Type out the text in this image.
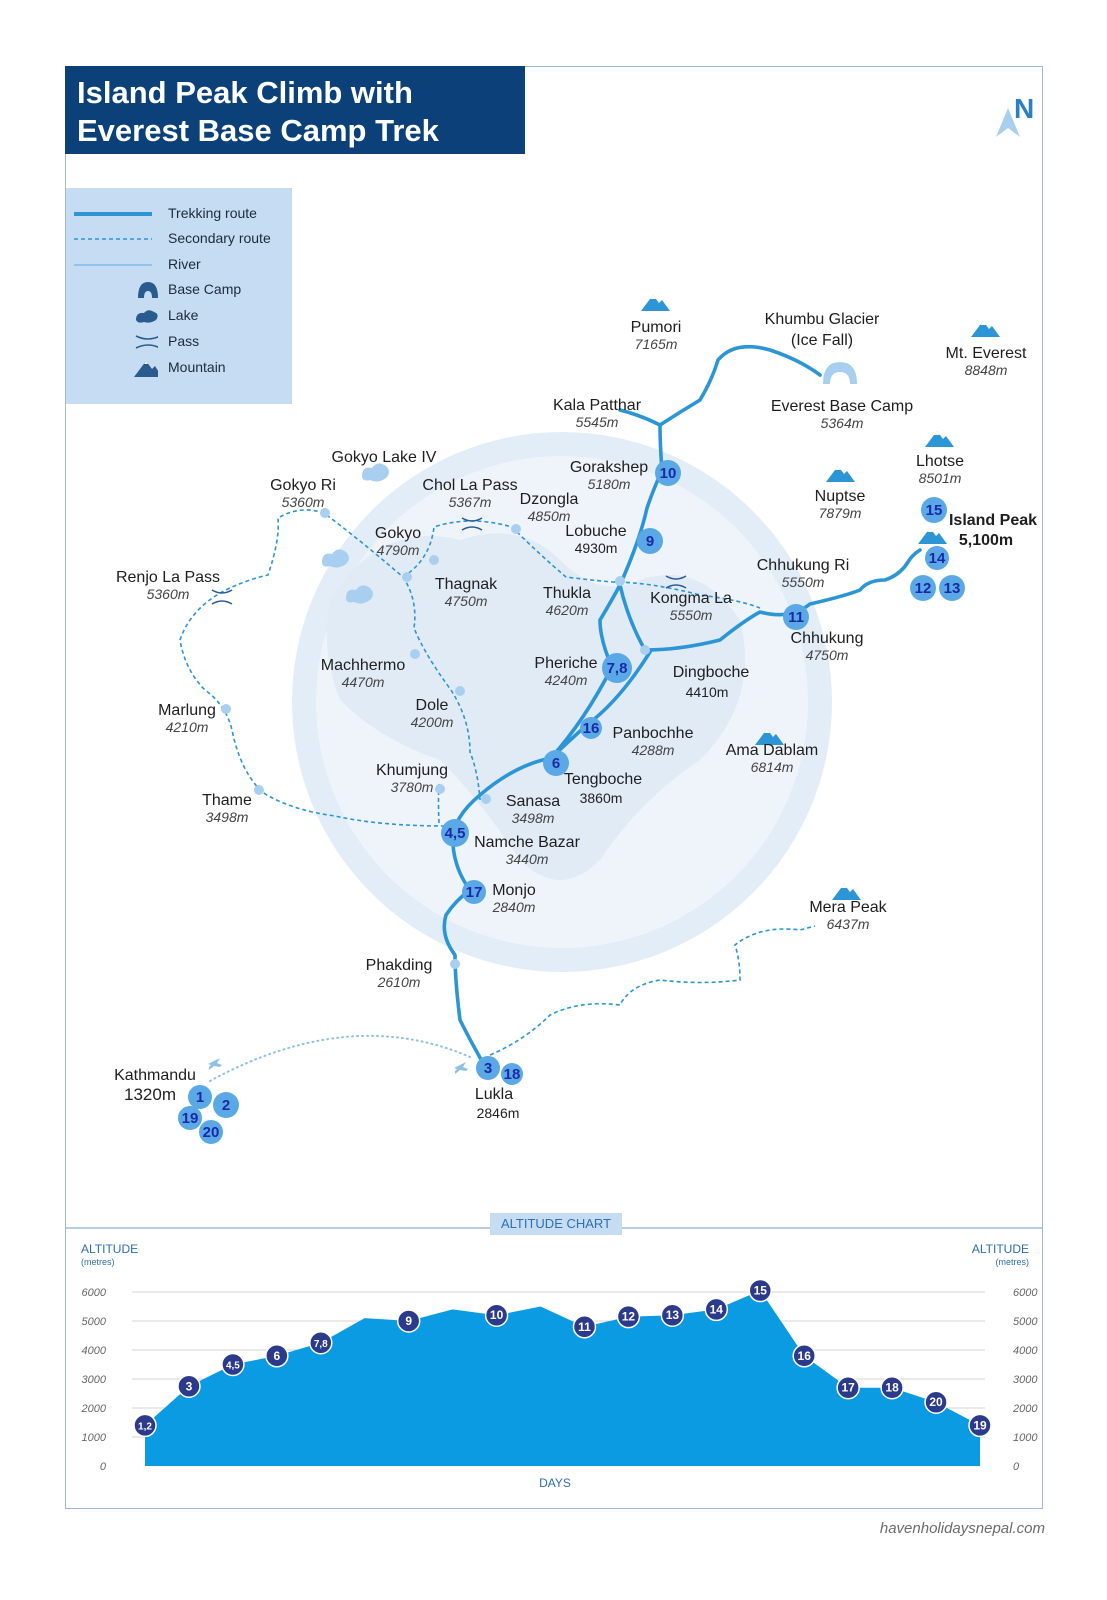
Island Peak Climb with
Everest Base Camp Trek
Trekking route
Secondary route
River
Base Camp
Lake
Pass
Mountain
N
Pumori
7165m
Khumbu Glacier
(Ice Fall)
Mt. Everest
8848m
Kala Patthar
5545m
Everest Base Camp
5364m
Gokyo Lake IV
Gorakshep
5180m
Lhotse
8501m
Gokyo Ri
5360m
Chol La Pass
5367m Dzongla
4850m
Nuptse
7879m	Island Peak
5,100m
Gokyo
4790m
Lobuche
4930m
Chhukung Ri
5550m
Renjo La Pass
5360m
Thagnak
4750m	Thukla
4620m
Kongma La
5550m
Chhukung
4750m
Pheriche
4240m
Machhermo
4470m
Dingboche
4410m
Marlung
4210m
Dole
4200m
Panbochhe
4288m	Ama Dablam
6814m
Khumjung
3780m	Tengboche
3860m
Thame
3498m
Sanasa
3498m
Namche Bazar
3440m
Monjo
2840m	Mera Peak
6437m
Phakding
2610m
Kathmandu
1320m	Lukla
2846m
1 2
19
20
3 18
17
4,5
6
16
7,8
9
10
11
12 13
14
15
ALTITUDE
(metres)
ALTITUDE
(metres)
DAYS
0	0
1000	1000
2000	2000
3000	3000
4000	4000
5000	5000
6000	6000
1,2
3
4,5
6
7,8
9	10
11
12	13	14
15
16
17	18
20
19
ALTITUDE CHART
havenholidaysnepal.com
